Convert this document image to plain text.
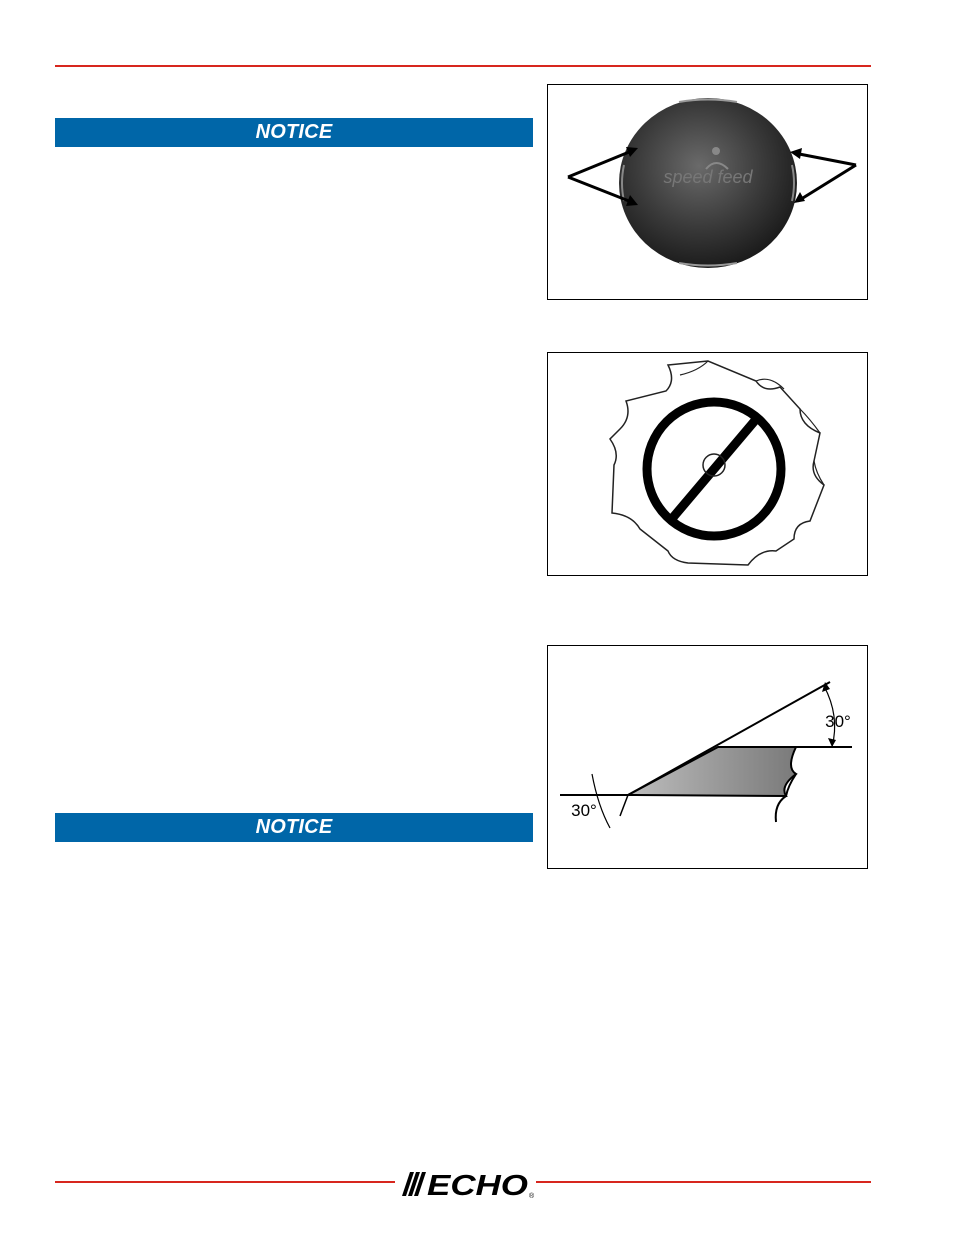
NOTICE
NOTICE
speed feed
30°
30°
ECHO ®
